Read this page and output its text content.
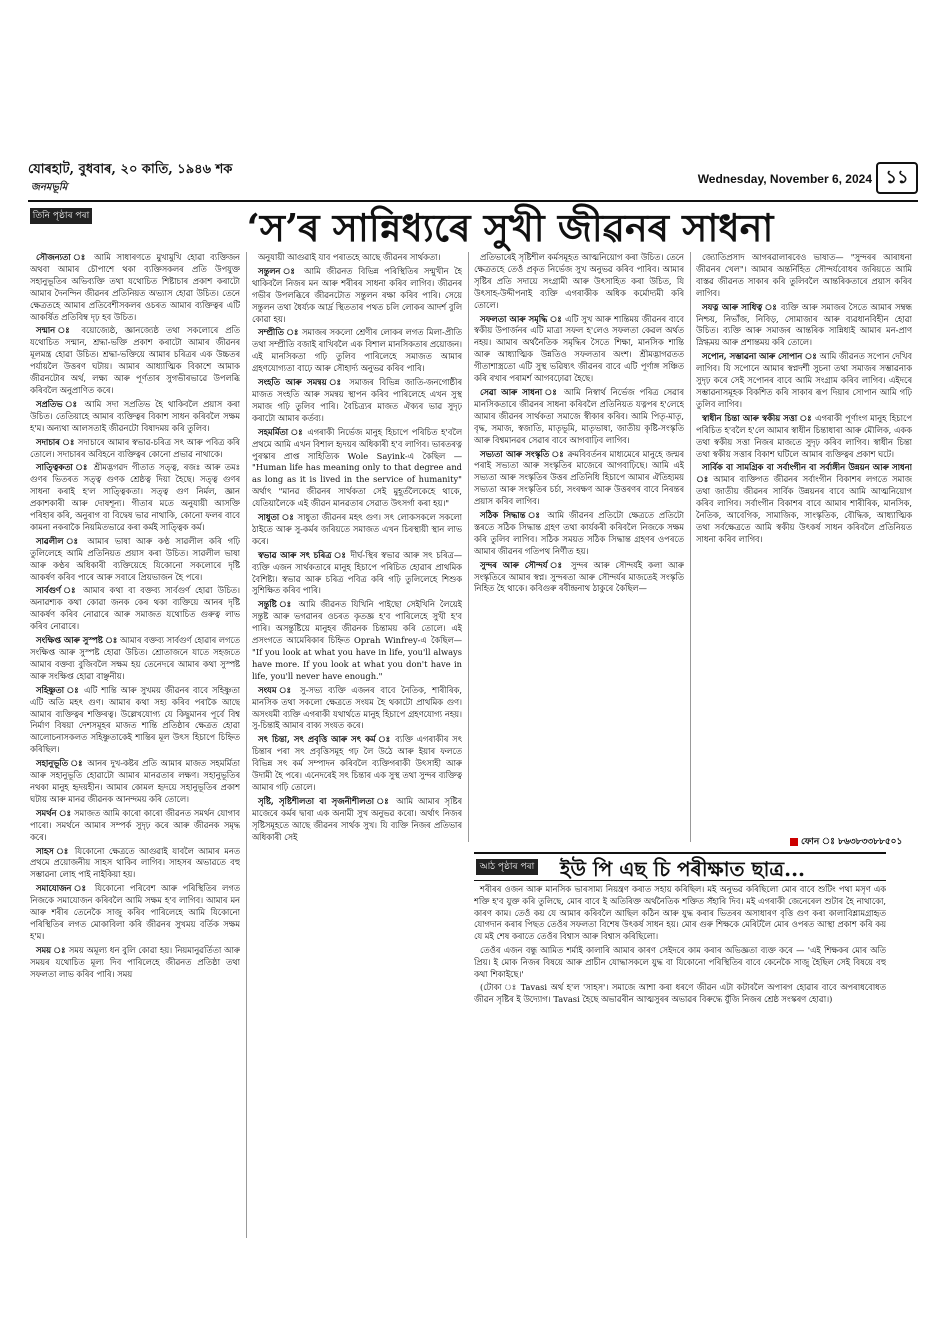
যোৰহাট, বুধবাৰ, ২০ কাতি, ১৯৪৬ শক
জনমভূমি
Wednesday, November 6, 2024 ১১
তিনি পৃষ্ঠাৰ পৰা	‘স’ৰ সান্নিধ্যৰে সুখী জীৱনৰ সাধনা

সৌজন্যতা ঃ আমি সাধাৰণতে মুখামুখি হোৱা ব্যক্তিজন অথবা আমাৰ চৌপাশে থকা ব্যক্তিসকলৰ প্ৰতি উপযুক্ত সহানুভূতিৰ অভিব্যক্তি তথা যথোচিত শিষ্টাচাৰ প্ৰকাশ কৰাটো আমাৰ দৈনন্দিন জীৱনৰ প্ৰতিনিয়ত অভ্যাস হোৱা উচিত। তেনে ক্ষেত্ৰতহে আমাৰ প্ৰতিবেশীসকলৰ ওচৰত আমাৰ ব্যক্তিত্বৰ এটি আকৰ্ষিত প্ৰতিবিম্ব দৃঢ় হব উচিত।

সন্মান ঃ বয়োজ্যেষ্ঠ, জ্ঞানজ্যেষ্ঠ তথা সকলোৰে প্ৰতি যথোচিত সন্মান, শ্ৰদ্ধা-ভক্তি প্ৰকাশ কৰাটো আমাৰ জীৱনৰ মূলমন্ত্ৰ হোৱা উচিত। শ্ৰদ্ধা-ভক্তিয়ে আমাৰ চৰিত্ৰৰ এক উচ্চতৰ পৰ্যায়লৈ উত্তৰণ ঘটায়। আমাৰ আধ্যাত্মিক বিকাশে আমাক জীৱনটোৰ অৰ্থ, লক্ষ্য আৰু পূৰ্ণতাৰ সুগভীৰভাৱে উপলব্ধি কৰিবলৈ অনুপ্ৰাণিত কৰে।

সপ্ৰতিভ ঃ আমি সদা সপ্ৰতিভ হৈ থাকিবলৈ প্ৰয়াস কৰা উচিত। তেতিয়াহে আমাৰ ব্যক্তিত্বৰ বিকাশ সাধন কৰিবলৈ সক্ষম হ'ম। অন্যথা আলসতাই জীৱনটো বিষাদময় কৰি তুলিব।

সদাচাৰ ঃ সদাচাৰে আমাৰ স্বভাৱ-চৰিত্ৰ সৎ আৰু পবিত্ৰ কৰি তোলে। সদাচাৰৰ অবিহনে ব্যক্তিত্বৰ কোনো প্ৰভাৱ নাথাকে।

সাত্ত্বিকতা ঃ শ্ৰীমদ্ভগৱদ গীতাত সত্ত্ব, ৰজঃ আৰু তমঃ গুণৰ ভিতৰত সত্ত্ব গুণক শ্ৰেষ্ঠত্ব দিয়া হৈছে। সত্ত্ব গুণৰ সাধনা কৰাই হ'ল সাত্ত্বিকতা। সত্ত্ব গুণ নিৰ্মল, জ্ঞান প্ৰকাশকাৰী আৰু দোষশূন্য। গীতাৰ মতে অনুযায়ী আসক্তি পৰিহাৰ কৰি, অনুৰাগ বা বিদ্বেষ ভাৱ নাথাকি, কোনো ফলৰ বাবে কামনা নকৰাকৈ নিয়মিতভাৱে কৰা কৰ্মই সাত্ত্বিক কৰ্ম।

সাৱলীল ঃ আমাৰ ভাষা আৰু কণ্ঠ সাৱলীল কৰি গঢ়ি তুলিলেহে আমি প্ৰতিনিয়ত প্ৰয়াস কৰা উচিত। সাৱলীল ভাষা আৰু কণ্ঠৰ অধিকাৰী ব্যক্তিয়েহে যিকোনো সকলোৰে দৃষ্টি আকৰ্ষণ কৰিব পাৰে আৰু সবাৰে প্ৰিয়ভাজন হৈ পৰে।

সাৰ্বগুৰ্ণ ঃ আমাৰ কথা বা বক্তব্য সাৰ্বগুৰ্ণ হোৱা উচিত। অনাৱশ্যক কথা কোৱা জনক কেৰ থকা ব্যক্তিয়ে আনৰ দৃষ্টি আকৰ্ষণ কৰিব নোৱাৰে আৰু সমাজত যথোচিত গুৰুত্ব লাভ কৰিব নোৱাৰে।

সংক্ষিপ্ত আৰু সুস্পষ্ট ঃ আমাৰ বক্তব্য সাৰ্বগুৰ্ণ হোৱাৰ লগতে সংক্ষিপ্ত আৰু সুস্পষ্ট হোৱা উচিত। শ্ৰোতাজনে যাতে সহজতে আমাৰ বক্তব্য বুজিবলৈ সক্ষম হয় তেনেদৰে আমাৰ কথা সুস্পষ্ট আৰু সংক্ষিপ্ত হোৱা বাঞ্ছনীয়।

সহিষ্ণুতা ঃ এটি শান্তি আৰু সুখময় জীৱনৰ বাবে সহিষ্ণুতা এটি অতি মহৎ গুণ। আমাৰ কথা সহ্য কৰিব পৰাকৈ আছে আমাৰ ব্যক্তিত্বৰ শক্তিৰত্ব। উল্লেখযোগ্য যে কিছুমানৰ পূৰ্বে বিশ্ব নিৰ্মাণ বিষয়া দেশসমূহৰ মাজত শান্তি প্ৰতিষ্ঠাৰ ক্ষেত্ৰত হোৱা আলোচনাসকলত সহিষ্ণুতাকেই শান্তিৰ মূল উৎস হিচাপে চিহ্নিত কৰিছিল।

সহানুভূতি ঃ আনৰ দুখ-কষ্টৰ প্ৰতি আমাৰ মাজত সহমৰ্মিতা আৰু সহানুভূতি হোৱাটো আমাৰ মানৱতাৰ লক্ষণ। সহানুভূতিৰ নথকা মানুহ হৃদয়হীন। আমাৰ কোমল হৃদয়ে সহানুভূতিৰ প্ৰকাশ ঘটায় আৰু মানৱ জীৱনক আনন্দময় কৰি তোলে।

সমৰ্থন ঃ সমাজত আমি কাৰো কাৰো জীৱনত সমৰ্থন যোগাব পাৰো। সমৰ্থনে আমাৰ সম্পৰ্ক সুদৃঢ় কৰে আৰু জীৱনক সমৃদ্ধ কৰে।

সাহস ঃ যিকোনো ক্ষেত্ৰতে আগুৱাই যাবলৈ আমাৰ মনত প্ৰথমে প্ৰয়োজনীয় সাহস থাকিব লাগিব। সাহসৰ অভাৱতে বহু সম্ভাৱনা লোহ পাই নাইকিয়া হয়।

সমাযোজন ঃ যিকোনো পৰিবেশ আৰু পৰিস্থিতিৰ লগত নিজকে সমাযোজন কৰিবলৈ আমি সক্ষম হ'ব লাগিব। আমাৰ মন আৰু শৰীৰ তেনেকৈ সাজু কৰিব পাৰিলেহে আমি যিকোনো পৰিস্থিতিৰ লগত মোকাবিলা কৰি জীৱনৰ সুখময় বৰ্তিক সক্ষম হ'ম।

সময় ঃ সময় অমূল্য ধন বুলি কোৱা হয়। নিয়মানুৱৰ্তিতা আৰু সময়ৰ যথোচিত মূল্য দিব পাৰিলেহে জীৱনত প্ৰতিষ্ঠা তথা সফলতা লাভ কৰিব পাৰি। সময়

অনুযায়ী আগুৱাই যাব পৰাতহে আছে জীৱনৰ সাৰ্থকতা।

সন্তুলন ঃ আমি জীৱনত বিভিন্ন পৰিস্থিতিৰ সন্মুখীন হৈ থাকিবলৈ নিজৰ মন আৰু শৰীৰৰ সাধনা কৰিব লাগিব। জীৱনৰ গভীৰ উপলব্ধিৰে জীৱনটোত সন্তুলন ৰক্ষা কৰিব পাৰি। সেয়ে সন্তুলন তথা ধৈৰ্য্যক আৰ্দ্ৰ স্থিততাৰ পথত চলি লোকৰ আদৰ্শ বুলি কোৱা হয়।

সম্প্ৰীতি ঃ সমাজৰ সকলো শ্ৰেণীৰ লোকৰ লগত মিলা-প্ৰীতি তথা সম্প্ৰীতি বজাই ৰাখিবলৈ এক বিশাল মানসিকতাৰ প্ৰয়োজন। এই মানসিকতা গঢ়ি তুলিব পাৰিলেহে সমাজত আমাৰ গ্ৰহণযোগ্যতা বাঢ়ে আৰু সৌহাৰ্দ্য অনুভৱ কৰিব পাৰি।

সংহতি আৰু সমন্বয় ঃ সমাজৰ বিভিন্ন জাতি-জনগোষ্ঠীৰ মাজত সংহতি আৰু সমন্বয় স্থাপন কৰিব পাৰিলেহে এখন সুস্থ সমাজ গঢ়ি তুলিব পাৰি। বৈচিত্ৰ্যৰ মাজত ঐক্যৰ ভাৱ সুদৃঢ় কৰাটো আমাৰ কৰ্তব্য।

সহমৰ্মিতা ঃ এগৰাকী নিৰ্ভেজ মানুহ হিচাপে পৰিচিত হ'বলৈ প্ৰথমে আমি এখন বিশাল হৃদয়ৰ অধিকাৰী হ'ব লাগিব। ভাৰতৰত্ন পুৰস্কাৰ প্ৰাপ্ত সাহিত্যিক Wole Sayink-এ কৈছিল — "Human life has meaning only to that degree and as long as it is lived in the service of humanity" অৰ্থাৎ "মানৱ জীৱনৰ সাৰ্থকতা সেই মুহূৰ্তলৈকেহে থাকে, যেতিয়ালৈকে এই জীৱন মানৱতাৰ সেৱাত উৎসৰ্গা কৰা হয়।"

সাধুতা ঃ সাধুতা জীৱনৰ মহৎ গুণ। সৎ লোকসকলে সকলো ঠাইতে আৰু সু-কৰ্মৰ জৰিয়তে সমাজত এখন চিৰস্থায়ী স্থান লাভ কৰে।

স্বভাৱ আৰু সৎ চৰিত্ৰ ঃ দীৰ্ঘ-স্থিৰ স্বভাৱ আৰু সৎ চৰিত্ৰ— ব্যক্তি এজন সাৰ্থকতাৰে মানুহ হিচাপে পৰিচিত হোৱাৰ প্ৰাথমিক বৈশিষ্ট্য। স্বভাৱ আৰু চৰিত্ৰ পবিত্ৰ কৰি গঢ়ি তুলিলেহে শিশুক সুশিক্ষিত কৰিব পাৰি।

সন্তুষ্টি ঃ আমি জীৱনত যিখিনি পাইছো সেইখিনি লৈয়েই সন্তুষ্ট আৰু ভগৱানৰ ওচৰত কৃতজ্ঞ হ'ব পাৰিলেহে সুখী হ'ব পাৰি। অসন্তুষ্টিয়ে মানুহৰ জীৱনক চিন্তাময় কৰি তোলে। এই প্ৰসংগতে আমেৰিকাৰ চিহ্নিত Oprah Winfrey-এ কৈছিল— "If you look at what you have in life, you'll always have more. If you look at what you don't have in life, you'll never have enough."

সংযম ঃ সু-সভ্য ব্যক্তি এজনৰ বাবে নৈতিক, শাৰীৰিক, মানসিক তথা সকলো ক্ষেত্ৰতে সংযম হৈ থকাটো প্ৰাথমিক গুণ। অসংযমী ব্যক্তি এগৰাকী যথাৰ্থতে মানুহ হিচাপে গ্ৰহণযোগ্য নহয়। সু-চিন্তাই আমাৰ বাক্য সংযত কৰে।

সৎ চিন্তা, সৎ প্ৰবৃত্তি আৰু সৎ কৰ্ম ঃ ব্যক্তি এগৰাকীৰ সৎ চিন্তাৰ পৰা সৎ প্ৰবৃত্তিসমূহ গঢ় লৈ উঠে আৰু ইয়াৰ ফলতে বিভিন্ন সৎ কৰ্ম সম্পাদন কৰিবলৈ ব্যক্তিগৰাকী উৎসাহী আৰু উদামী হৈ পৰে। এনেদৰেই সৎ চিন্তাৰ এক সুস্থ তথা সুন্দৰ ব্যক্তিত্ব আমাৰ গঢ়ি তোলে।

সৃষ্টি, সৃষ্টিশীলতা বা সৃজনীশীলতা ঃ আমি আমাৰ সৃষ্টিৰ মাজেৰে কৰ্মৰ দ্বাৰা এক অনামী সুখ অনুভৱ কৰো। অৰ্থাৎ নিজৰ সৃষ্টিসমূহতে আছে জীৱনৰ সাৰ্থক সুখ। যি ব্যক্তি নিজৰ প্ৰতিভাৰ অধিকাৰী সেই

প্ৰতিভাৰেই সৃষ্টিশীল কৰ্মসমূহত আত্মনিয়োগ কৰা উচিত। তেনে ক্ষেত্ৰতহে তেওঁ প্ৰকৃত নিৰ্ভেজ সুখ অনুভৱ কৰিব পাৰিব। আমাৰ সৃষ্টিৰ প্ৰতি সদায়ে সংগ্ৰামী আৰু উৎসাহিত কৰা উচিত, যি উৎসাহ-উদ্দীপনাই ব্যক্তি এগৰাকীক অধিক কৰ্মোদ্যমী কৰি তোলে।

সফলতা আৰু সমৃদ্ধি ঃ এটি সুখ আৰু শান্তিময় জীৱনৰ বাবে স্বকীয় উপাৰ্জনৰ এটি মাত্ৰা সফল হ'লেও সফলতা কেৱল অৰ্থত নহয়। আমাৰ অৰ্থনৈতিক সমৃদ্ধিৰ সৈতে শিক্ষা, মানসিক শান্তি আৰু আধ্যাত্মিক উন্নতিও সফলতাৰ অংশ। শ্ৰীমদ্ভাগৱতত গীতাশাস্ত্ৰতো এটি সুস্থ ভৱিষ্যৎ জীৱনৰ বাবে এটি পূৰ্ণাঙ্গ সঞ্চিত কৰি ৰখাৰ পৰামৰ্শ আগবঢ়োৱা হৈছে।

সেৱা আৰু সাধনা ঃ আমি নিস্বাৰ্থ নিৰ্ভেজ পৰিত্ৰ সেৱাৰ মানসিকতাৰে জীৱনৰ সাধনা কৰিবলৈ প্ৰতিনিয়ত যত্নপৰ হ'লেহে আমাৰ জীৱনৰ সাৰ্থকতা সমাজে স্বীকাৰ কৰিব। আমি পিতৃ-মাতৃ, বৃদ্ধ, সমাজ, স্বজাতি, মাতৃভূমি, মাতৃভাষা, জাতীয় কৃষ্টি-সংস্কৃতি আৰু বিশ্বমানৱৰ সেৱাৰ বাবে আগবাঢ়িব লাগিব।

সভ্যতা আৰু সংস্কৃতি ঃ ক্ৰমবিবৰ্তনৰ মাধ্যমেৰে মানুহে জন্মৰ পৰাই সভ্যতা আৰু সংস্কৃতিৰ মাজেৰে আগবাঢ়িছে। আমি এই সভ্যতা আৰু সংস্কৃতিৰ উত্তৰ প্ৰতিনিধি হিচাপে আমাৰ ঐতিহ্যময় সভ্যতা আৰু সংস্কৃতিৰ চৰ্চা, সংৰক্ষণ আৰু উত্তৰণৰ বাবে নিৰন্তৰ প্ৰয়াস কৰিব লাগিব।

সঠিক সিদ্ধান্ত ঃ আমি জীৱনৰ প্ৰতিটো ক্ষেত্ৰতে প্ৰতিটো স্তৰতে সঠিক সিদ্ধান্ত গ্ৰহণ তথা কাৰ্যকৰী কৰিবলৈ নিজকে সক্ষম কৰি তুলিব লাগিব। সঠিক সময়ত সঠিক সিদ্ধান্ত গ্ৰহণৰ ওপৰতে আমাৰ জীৱনৰ গতিপথ নিৰ্ণীত হয়।

সুন্দৰ আৰু সৌন্দৰ্য ঃ সুন্দৰ আৰু সৌন্দৰ্যই কলা আৰু সংস্কৃতিৰে আমাৰ স্বপ্ন। সুন্দৰতা আৰু সৌন্দৰ্যৰ মাজতেই সংস্কৃতি নিহিত হৈ থাকে। কবিগুৰু ৰবীন্দ্ৰনাথ ঠাকুৰে কৈছিল—

জ্যোতিপ্ৰসাদ আগৰৱালাৰবেও ভাষাত— "সুন্দৰৰ আৰাধনা জীৱনৰ খেল"। আমাৰ অন্তৰ্নিহিত সৌন্দৰ্যবোধৰ জৰিয়তে আমি বাস্তৱ জীৱনত সাকাৰ কৰি তুলিবলৈ আন্তৰিকতাৰে প্ৰয়াস কৰিব লাগিব।

সযত্ন আৰু সাধিত্ব ঃ ব্যক্তি আৰু সমাজৰ সৈতে আমাৰ সম্বন্ধ নিশ্চয়, নিভাঁজ, নিবিড়, সোমাজাৰ আৰু ব্যৱধানবিহীন হোৱা উচিত। ব্যক্তি আৰু সমাজৰ আন্তৰিক সান্নিধ্যই আমাৰ মন-প্ৰাণ স্নিগ্ধময় আৰু প্ৰশান্তময় কৰি তোলে।

সপোন, সম্ভাৱনা আৰু সোপান ঃ আমি জীৱনত সপোন দেখিব লাগিব। যি সপোনে আমাৰ স্বপ্নদৰ্শী সুচনা তথা সমাজৰ সম্ভাৱনাক সুদৃঢ় কৰে সেই সপোনৰ বাবে আমি সংগ্ৰাম কৰিব লাগিব। এইদৰে সম্ভাৱনাসমূহক বিকশিত কৰি সাকাৰ ৰূপ দিয়াৰ সোপান আমি গঢ়ি তুলিব লাগিব।

স্বাধীন চিন্তা আৰু স্বকীয় সত্তা ঃ এগৰাকী পূৰ্ণাংগ মানুহ হিচাপে পৰিচিত হ'বলৈ হ'লে আমাৰ স্বাধীন চিন্তাধাৰা আৰু মৌলিক, একক তথা স্বকীয় সত্তা নিজৰ মাজতে সুদৃঢ় কৰিব লাগিব। স্বাধীন চিন্তা তথা স্বকীয় সত্তাৰ বিকাশ ঘটিলে আমাৰ ব্যক্তিত্বৰ প্ৰকাশ ঘটে।

সাৰ্বিক বা সামগ্ৰিক বা সৰ্বাংগীন বা সৰ্বাঙ্গীন উন্নয়ন আৰু সাধনা ঃ আমাৰ ব্যক্তিগত জীৱনৰ সৰ্বাংগীন বিকাশৰ লগতে সমাজ তথা জাতীয় জীৱনৰ সাৰ্বিক উন্নয়নৰ বাবে আমি আত্মনিয়োগ কৰিব লাগিব। সৰ্বাংগীন বিকাশৰ বাবে আমাৰ শাৰীৰিক, মানসিক, নৈতিক, আবেগিক, সামাজিক, সাংস্কৃতিক, বৌদ্ধিক, আধ্যাত্মিক তথা সৰ্বক্ষেত্ৰতে আমি স্বকীয় উৎকৰ্ষ সাধন কৰিবলৈ প্ৰতিনিয়ত সাধনা কৰিব লাগিব।

ফোন ঃ ৮৬৩৮৩৩৮৮৫০১
আঠ পৃষ্ঠাৰ পৰা ইউ পি এছ চি পৰীক্ষাত ছাত্ৰ...

শৰীৰৰ ওজন আৰু মানসিক ভাৰসাম্য নিয়ন্ত্ৰণ কৰাত সহায় কৰিছিল। মই অনুভৱ কৰিছিলো মোৰ বাবে শুটিং পথা মসৃণ এক শক্তি হ'ব যুক্ত কৰি তুলিছে, মোৰ বাবে ই অতিৰিক্ত অৰ্থনৈতিক শক্তিত সঁহাৰি দিব। মই এগৰাকী জেনেৰেল শুটাৰ হৈ নাথাকো, কাৰণ কাম। তেওঁ কয় যে আমাৰ কৰিবলৈ আছিল কঠিন আৰু যুদ্ধ কৰাৰ ভিতৰৰ অসাধাৰণ বৃত্তি গুণ কৰা কালাবিশ্লামগ্ৰাহৃত যোগদান কৰাৰ পিছত তেওঁৰ সফলতা বিশেষ উৎকৰ্ষ সাধন হয়। মোৰ গুৰু শিক্ষকে মেৰিটলৈ মোৰ ওপৰত আস্থা প্ৰকাশ কৰি কয় যে মই শেষ কৰাতে তেওঁৰ বিশ্বাস আৰু বিশ্বাস কৰিছিলো।

তেওঁৰ এজন বন্ধু আমিত শৰ্মাই কালাৰি আমাৰ কাৰণ সেইদৰে কাম কৰাৰ অভিজ্ঞতা ব্যক্ত কৰে — 'এই শিক্ষকৰ মোৰ অতি প্ৰিয়। ই মোক নিজৰ বিষয়ে আৰু প্ৰাচীন যোদ্ধাসকলে যুদ্ধ বা যিকোনো পৰিস্থিতিৰ বাবে কেনেকৈ সাজু হৈছিল সেই বিষয়ে বহু কথা শিকাইছে।'

(টোকা ঃ Tavasi অৰ্থ হ'ল 'সাহস'। সমাজে আশা কৰা ধৰণে জীৱন এটা কটাবলৈ অপাৰগ হোৱাৰ বাবে অপৰাধবোধত জীৱন সৃষ্টিৰ ই উদ্যোগ। Tavasi হৈছে অভাৱৰীন আত্মসুৰৰ অভাৱৰ বিৰুদ্ধে যুঁজি নিজৰ শ্ৰেষ্ঠ সংস্কৰণ হোৱা।)
